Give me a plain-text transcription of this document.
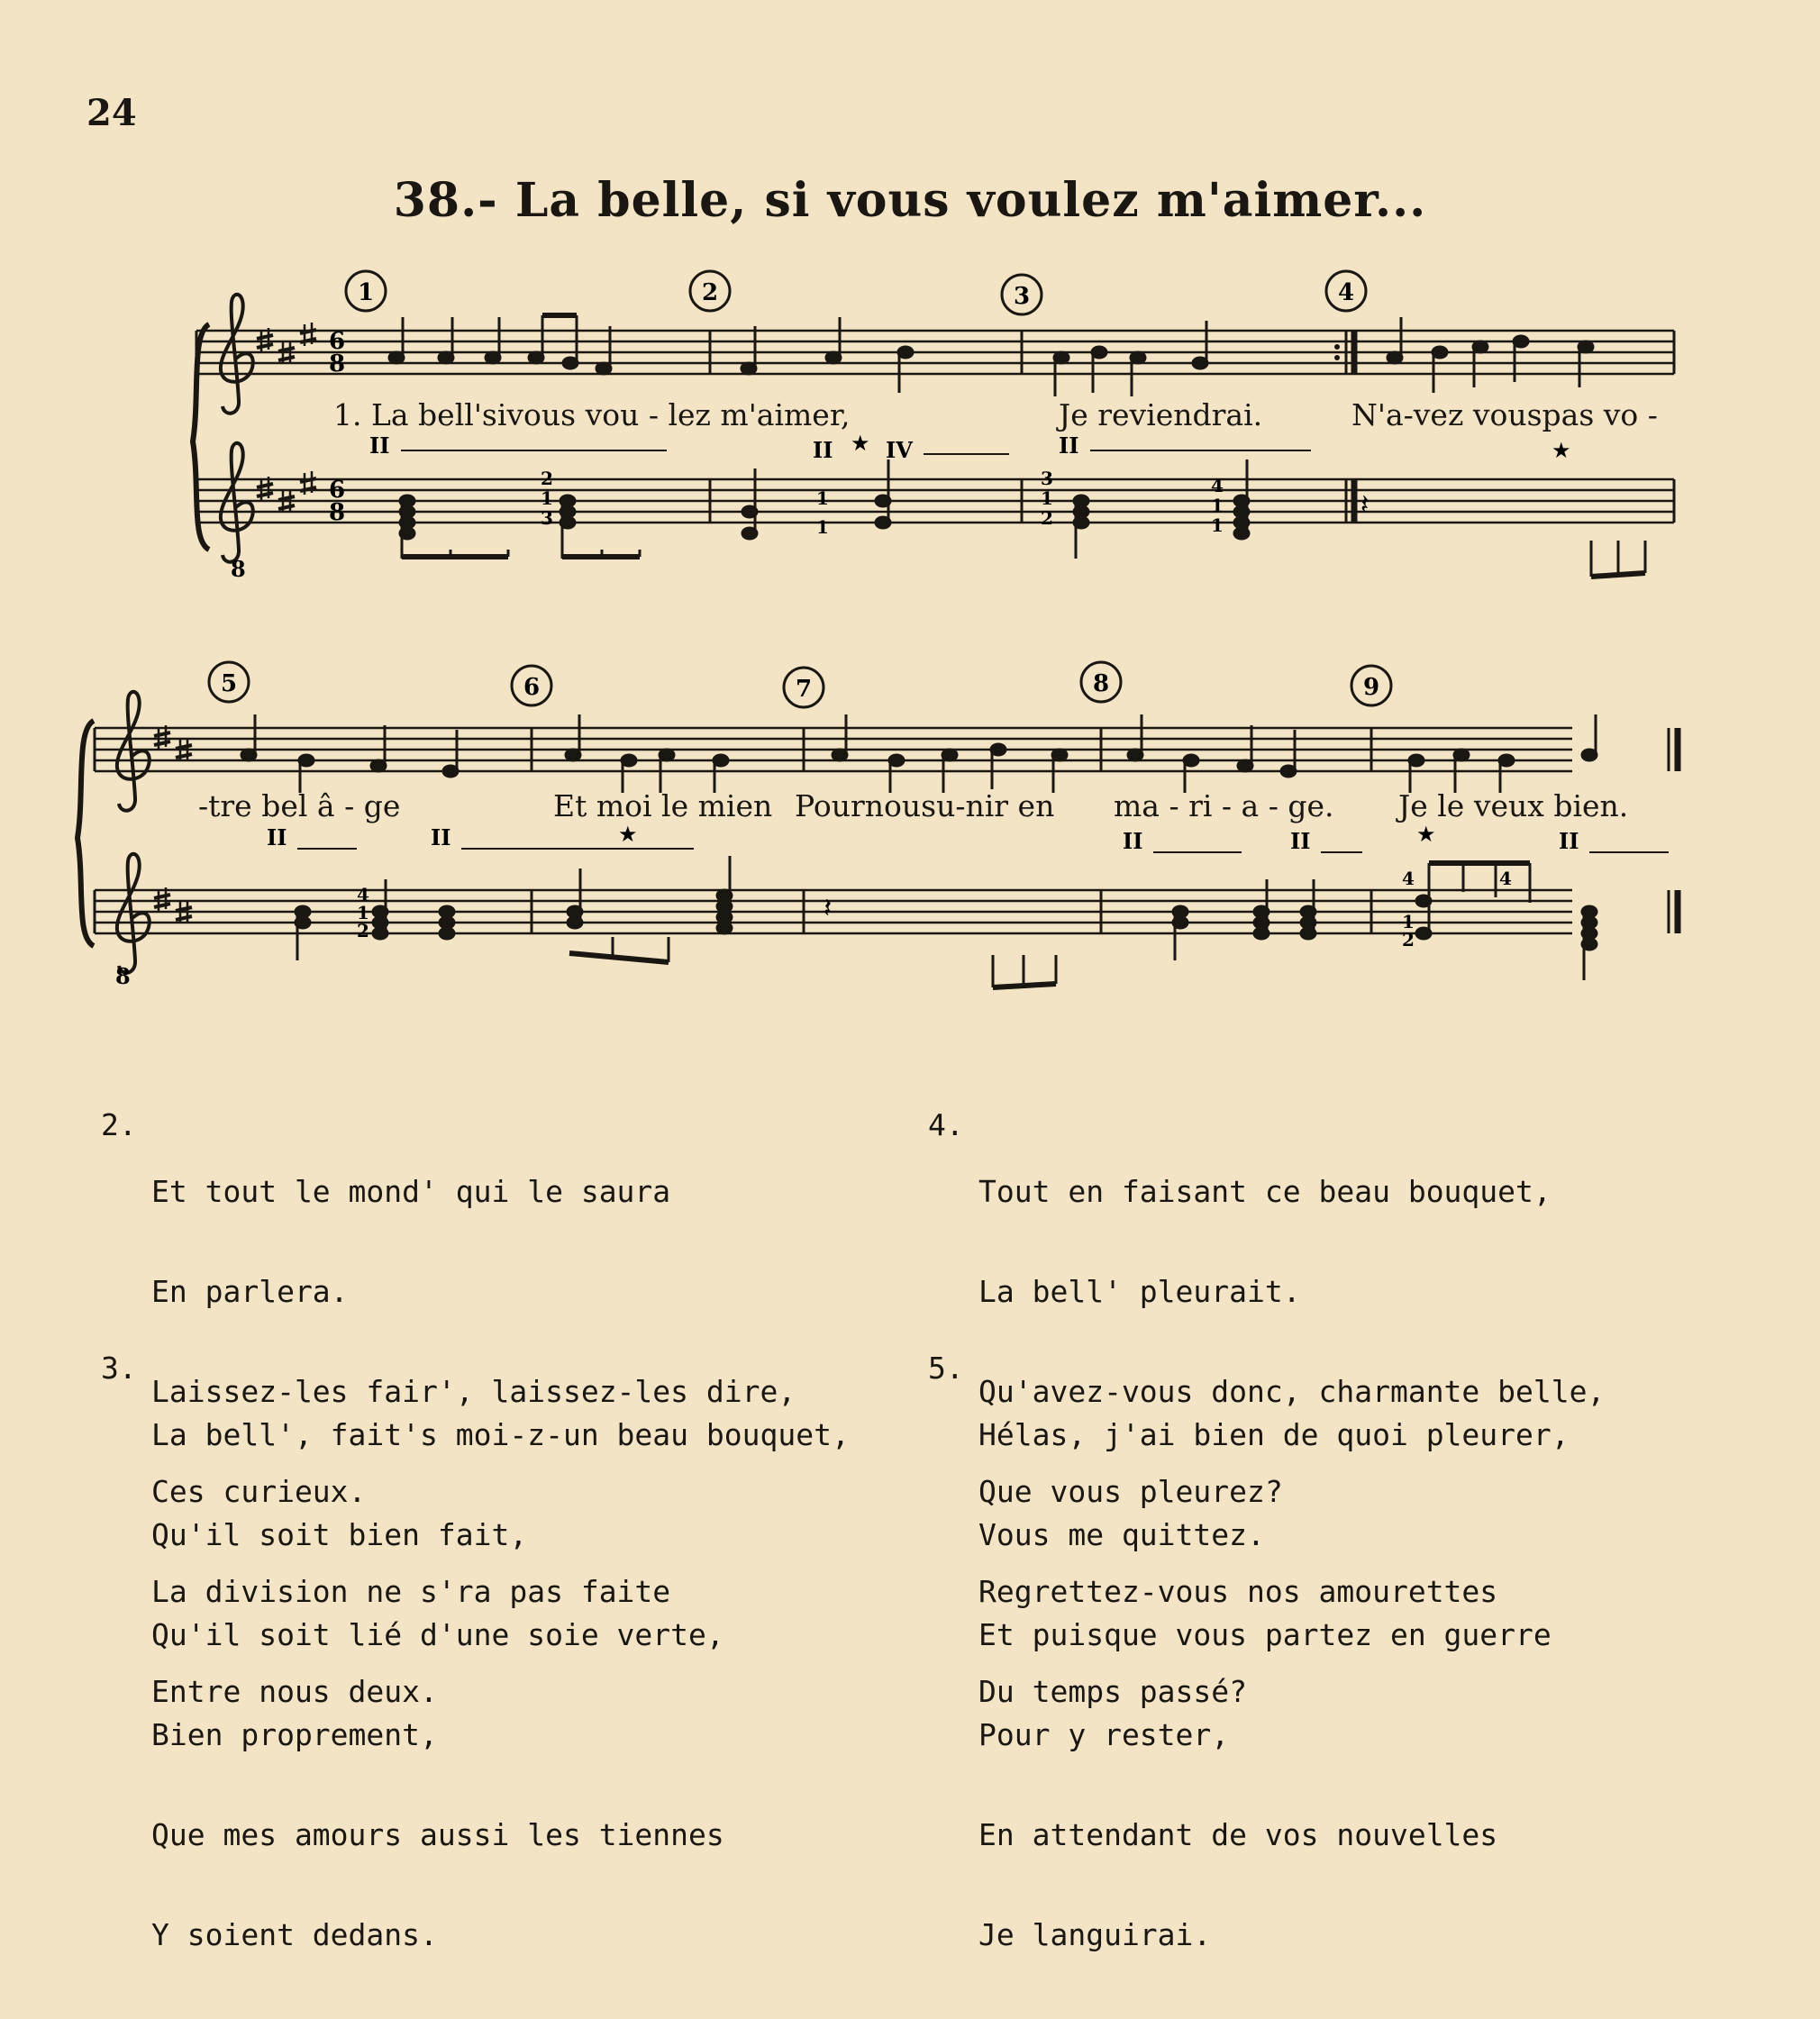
24
38.- La belle, si vous voulez m'aimer...
6
8
1	2	3	4
1. La bell'sivous vou - lez m'aimer,	Je reviendrai.	N'a-vez vouspas vo -
II	II ★ IV	II	★
6
8
8
2
1
3
3
1
2
4
1
1
1
1
𝄽
5	6	7	8	9
-tre bel â - ge	Et moi le mien Pournousu-nir en ma - ri - a - ge. Je le veux bien.
II	II	★	II	II	★	II
8
4
1
2
4	4
1
2
𝄽

2.

Et tout le mond' qui le saura

En parlera.

Laissez-les fair', laissez-les dire,

Ces curieux.

La division ne s'ra pas faite

Entre nous deux.

3.

La bell', fait's moi-z-un beau bouquet,

Qu'il soit bien fait,

Qu'il soit lié d'une soie verte,

Bien proprement,

Que mes amours aussi les tiennes

Y soient dedans.

4.

Tout en faisant ce beau bouquet,

La bell' pleurait.

Qu'avez-vous donc, charmante belle,

Que vous pleurez?

Regrettez-vous nos amourettes

Du temps passé?

5.

Hélas, j'ai bien de quoi pleurer,

Vous me quittez.

Et puisque vous partez en guerre

Pour y rester,

En attendant de vos nouvelles

Je languirai.
